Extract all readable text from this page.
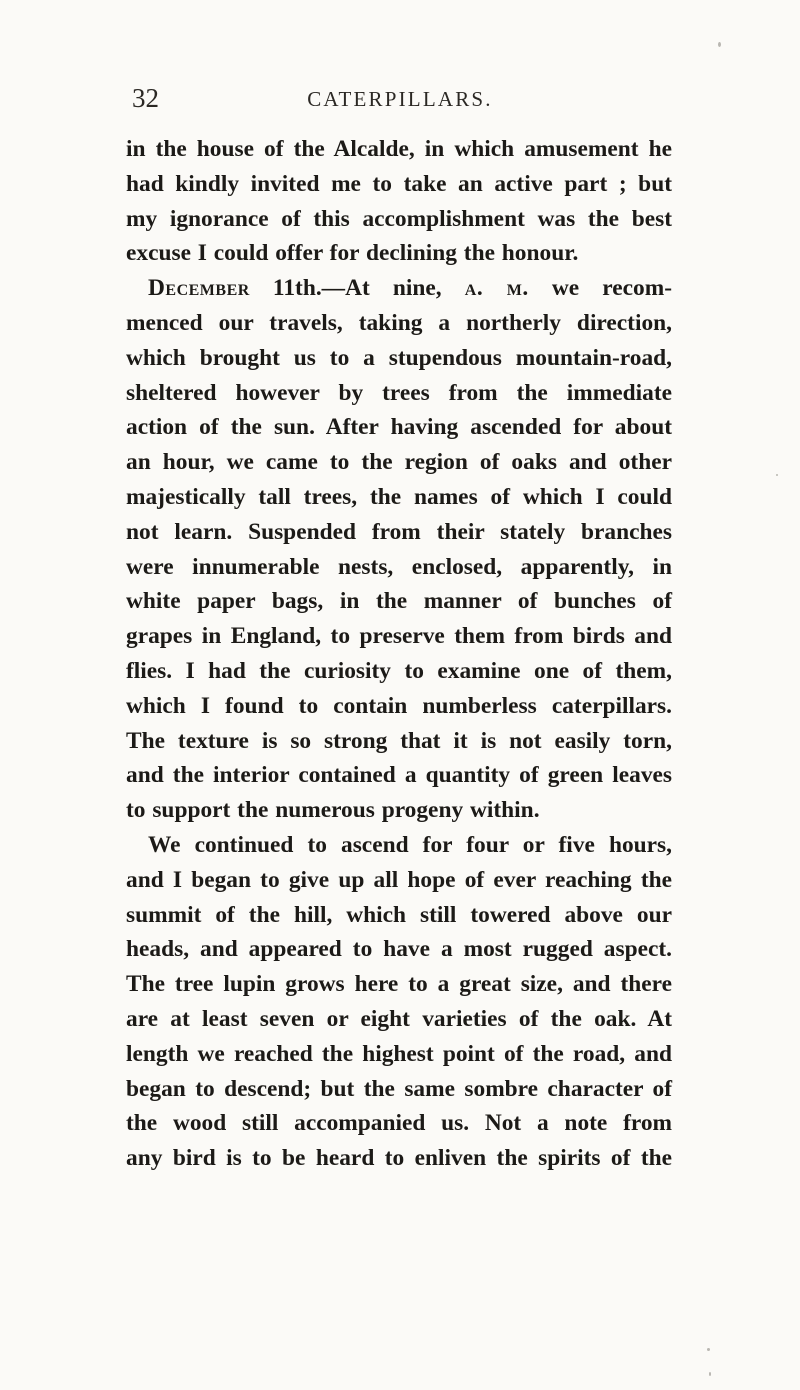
32	CATERPILLARS.
in the house of the Alcalde, in which amusement he
had kindly invited me to take an active part ; but
my ignorance of this accomplishment was the best
excuse I could offer for declining the honour.
December 11th.—At nine, a. m. we recom-
menced our travels, taking a northerly direction,
which brought us to a stupendous mountain-road,
sheltered however by trees from the immediate
action of the sun. After having ascended for about
an hour, we came to the region of oaks and other
majestically tall trees, the names of which I could
not learn. Suspended from their stately branches
were innumerable nests, enclosed, apparently, in
white paper bags, in the manner of bunches of
grapes in England, to preserve them from birds and
flies. I had the curiosity to examine one of them,
which I found to contain numberless caterpillars.
The texture is so strong that it is not easily torn,
and the interior contained a quantity of green leaves
to support the numerous progeny within.
We continued to ascend for four or five hours,
and I began to give up all hope of ever reaching the
summit of the hill, which still towered above our
heads, and appeared to have a most rugged aspect.
The tree lupin grows here to a great size, and there
are at least seven or eight varieties of the oak. At
length we reached the highest point of the road, and
began to descend; but the same sombre character of
the wood still accompanied us. Not a note from
any bird is to be heard to enliven the spirits of the
